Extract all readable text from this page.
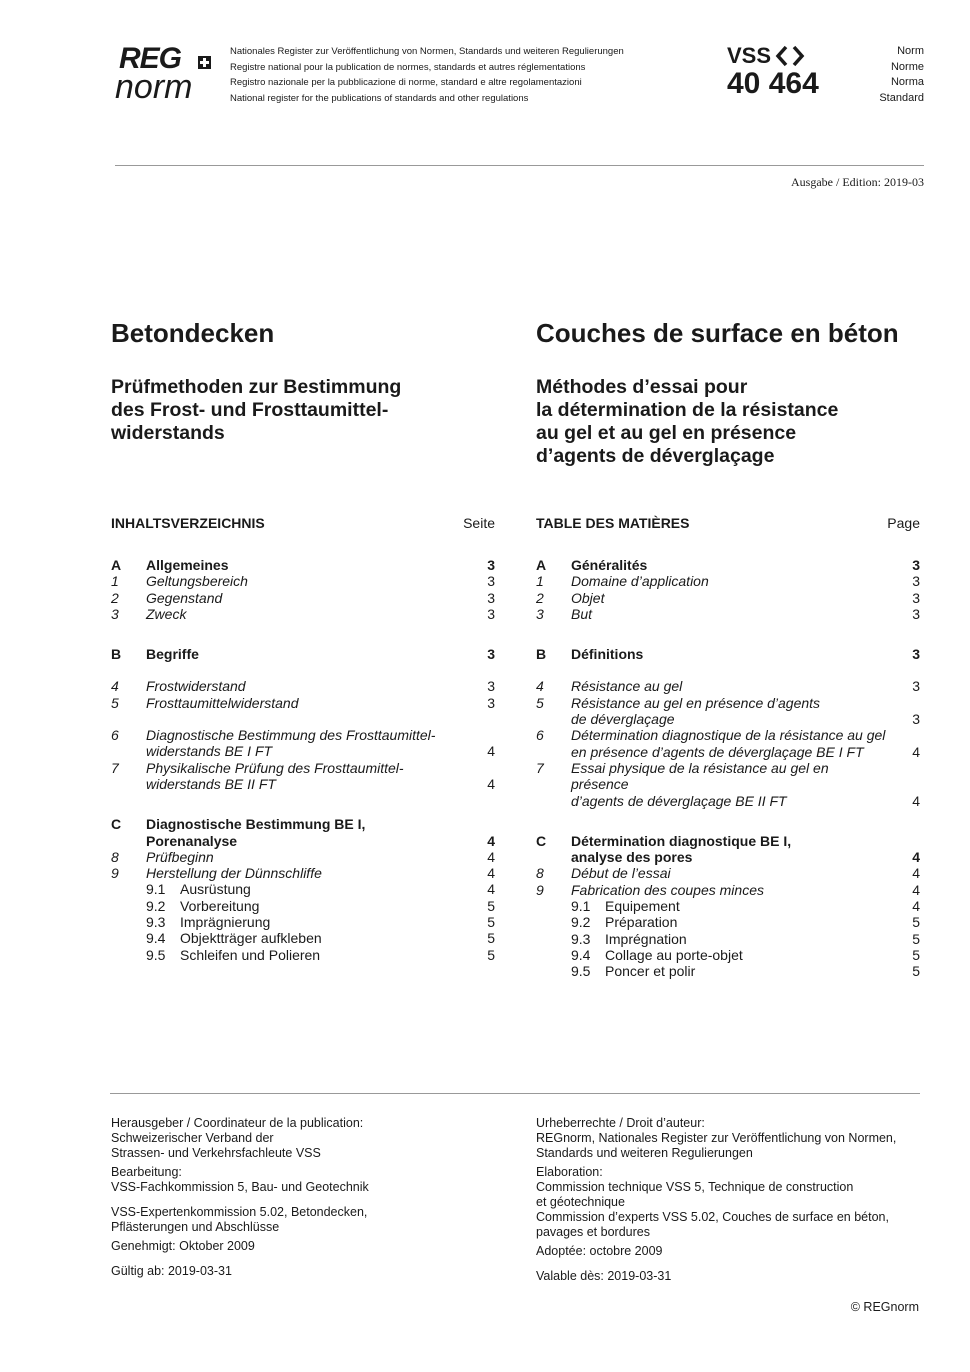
REG
norm
Nationales Register zur Veröffentlichung von Normen, Standards und weiteren Regulierungen
Registre national pour la publication de normes, standards et autres réglementations
Registro nazionale per la pubblicazione di norme, standard e altre regolamentazioni
National register for the publications of standards and other regulations
VSS
40 464
Norm
Norme
Norma
Standard
Ausgabe / Edition: 2019-03
Betondecken
Prüfmethoden zur Bestimmung
des Frost- und Frosttaumittel-
widerstands
Couches de surface en béton
Méthodes d’essai pour
la détermination de la résistance
au gel et au gel en présence
d’agents de déverglaçage
INHALTSVERZEICHNIS	Seite
A Allgemeines	3
1 Geltungsbereich	3
2 Gegenstand	3
3 Zweck	3
B Begriffe	3
4 Frostwiderstand	3
5 Frosttaumittelwiderstand	3
6 Diagnostische Bestimmung des Frosttaumittel-
widerstands BE I FT	4
7 Physikalische Prüfung des Frosttaumittel-
widerstands BE II FT	4
C Diagnostische Bestimmung BE I,
Porenanalyse	4
8 Prüfbeginn	4
9 Herstellung der Dünnschliffe	4
9.1 Ausrüstung	4
9.2 Vorbereitung	5
9.3 Imprägnierung	5
9.4 Objektträger aufkleben	5
9.5 Schleifen und Polieren	5
TABLE DES MATIÈRES	Page
A Généralités	3
1 Domaine d’application	3
2 Objet	3
3 But	3
B Définitions	3
4 Résistance au gel	3
5 Résistance au gel en présence d’agents
de déverglaçage	3
6 Détermination diagnostique de la résistance au gel
en présence d’agents de déverglaçage BE I FT	4
7 Essai physique de la résistance au gel en présence
d’agents de déverglaçage BE II FT	4
C Détermination diagnostique BE I,
analyse des pores	4
8 Début de l’essai	4
9 Fabrication des coupes minces	4
9.1 Equipement	4
9.2 Préparation	5
9.3 Imprégnation	5
9.4 Collage au porte-objet	5
9.5 Poncer et polir	5

Herausgeber / Coordinateur de la publication:
Schweizerischer Verband der
Strassen- und Verkehrsfachleute VSS

Bearbeitung:
VSS-Fachkommission 5, Bau- und Geotechnik

VSS-Expertenkommission 5.02, Betondecken,
Pflästerungen und Abschlüsse

Genehmigt: Oktober 2009

Gültig ab: 2019-03-31

Urheberrechte / Droit d’auteur:
REGnorm, Nationales Register zur Veröffentlichung von Normen,
Standards und weiteren Regulierungen

Elaboration:
Commission technique VSS 5, Technique de construction
et géotechnique
Commission d’experts VSS 5.02, Couches de surface en béton,
pavages et bordures

Adoptée: octobre 2009

Valable dès: 2019-03-31

© REGnorm
